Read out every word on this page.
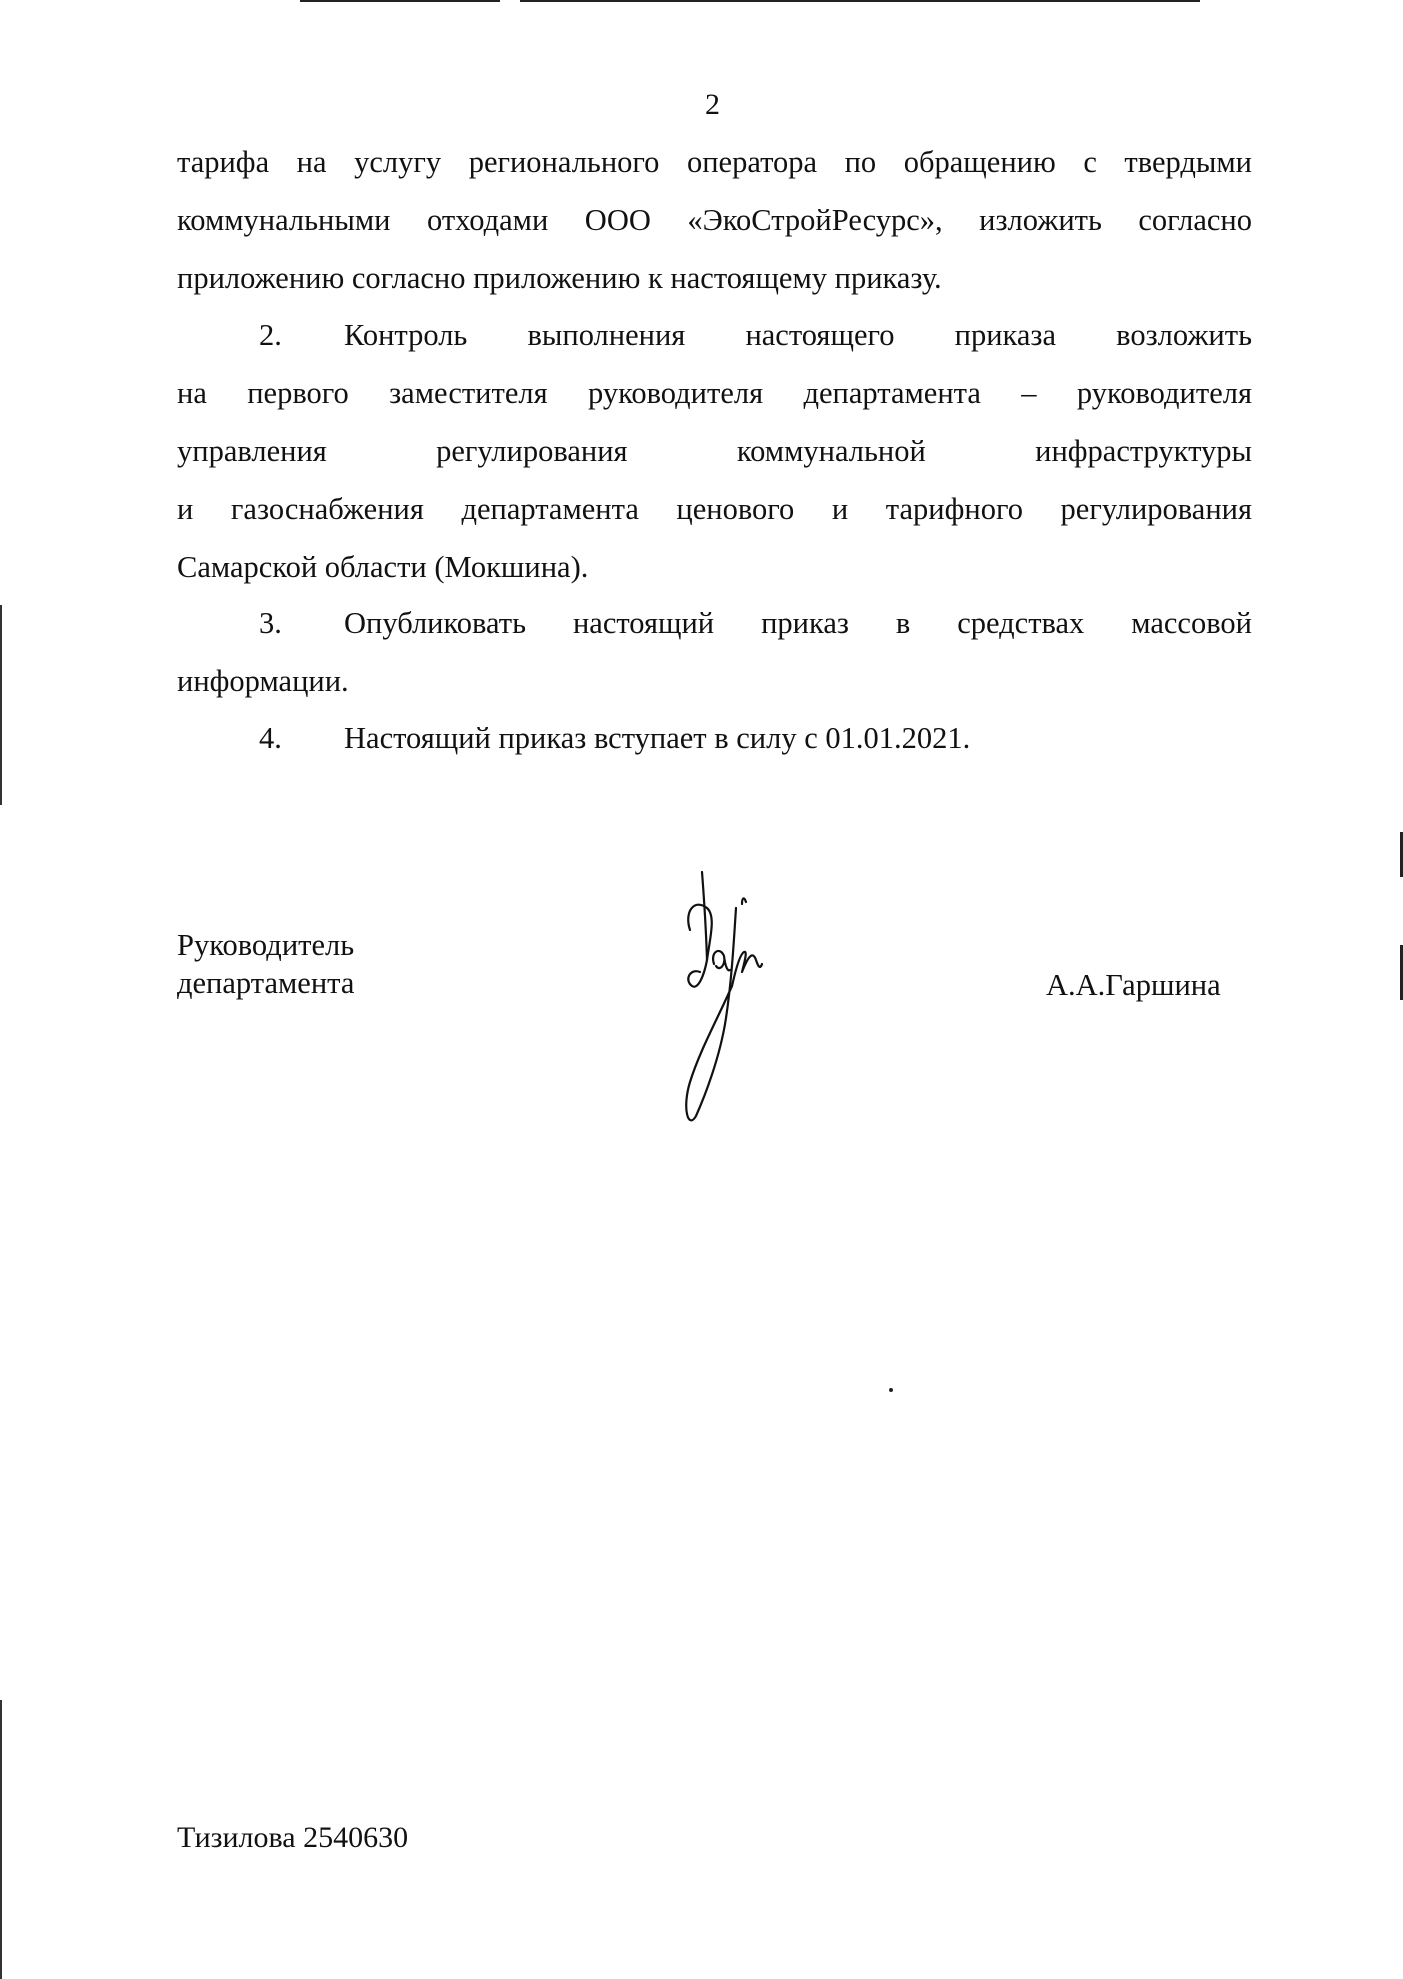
2
тарифа на услугу регионального оператора по обращению с твердыми
коммунальными отходами ООО «ЭкоСтройРесурс», изложить согласно
приложению согласно приложению к настоящему приказу.
2. Контроль выполнения настоящего приказа возложить
на первого заместителя руководителя департамента – руководителя
управления регулирования коммунальной инфраструктуры
и газоснабжения департамента ценового и тарифного регулирования
Самарской области (Мокшина).
3. Опубликовать настоящий приказ в средствах массовой
информации.
4. Настоящий приказ вступает в силу с 01.01.2021.
Руководитель
департамента	А.А.Гаршина
Тизилова 2540630
